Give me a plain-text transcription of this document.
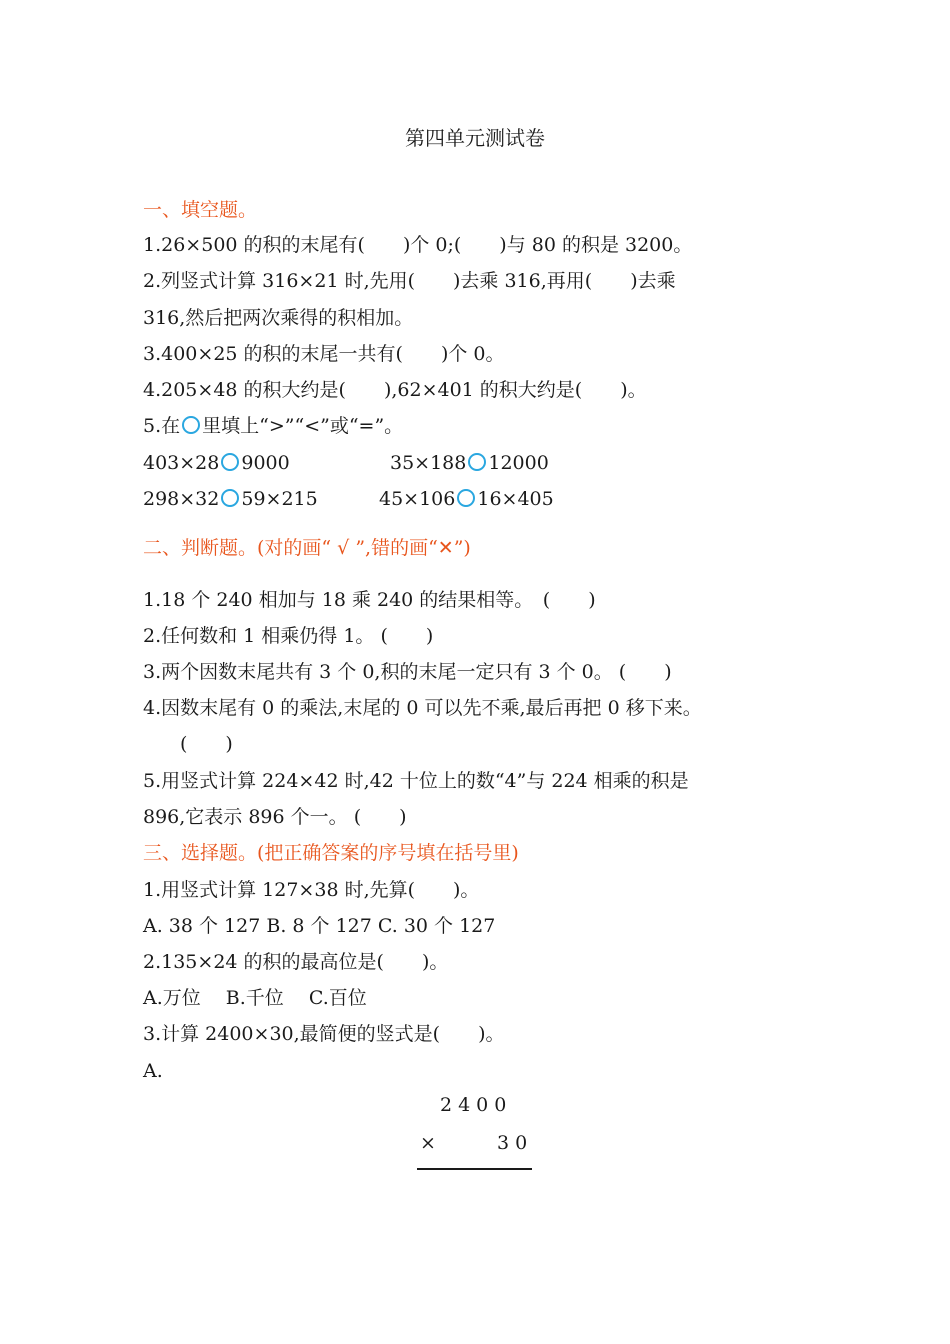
第四单元测试卷
一、填空题。
1.26×500 的积的末尾有(　　)个 0;(　　)与 80 的积是 3200。
2.列竖式计算 316×21 时,先用(　　)去乘 316,再用(　　)去乘
316,然后把两次乘得的积相加。
3.400×25 的积的末尾一共有(　　)个 0。
4.205×48 的积大约是(　　),62×401 的积大约是(　　)。
5.在 里填上“>”“<”或“=”。
403×28 9000	35×188 12000
298×32 59×215	45×106 16×405
二、判断题。(对的画“ √ ”,错的画“✕”)
1.18 个 240 相加与 18 乘 240 的结果相等。　(　　)
2.任何数和 1 相乘仍得 1。 (　　)
3.两个因数末尾共有 3 个 0,积的末尾一定只有 3 个 0。 (　　)
4.因数末尾有 0 的乘法,末尾的 0 可以先不乘,最后再把 0 移下来。
(　　)
5.用竖式计算 224×42 时,42 十位上的数“4”与 224 相乘的积是
896,它表示 896 个一。 (　　)
三、选择题。(把正确答案的序号填在括号里)
1.用竖式计算 127×38 时,先算(　　)。
A. 38 个 127 B. 8 个 127 C. 30 个 127
2.135×24 的积的最高位是(　　)。
A.万位　 B.千位　 C.百位
3.计算 2400×30,最简便的竖式是(　　)。
A.
2400
×	30
